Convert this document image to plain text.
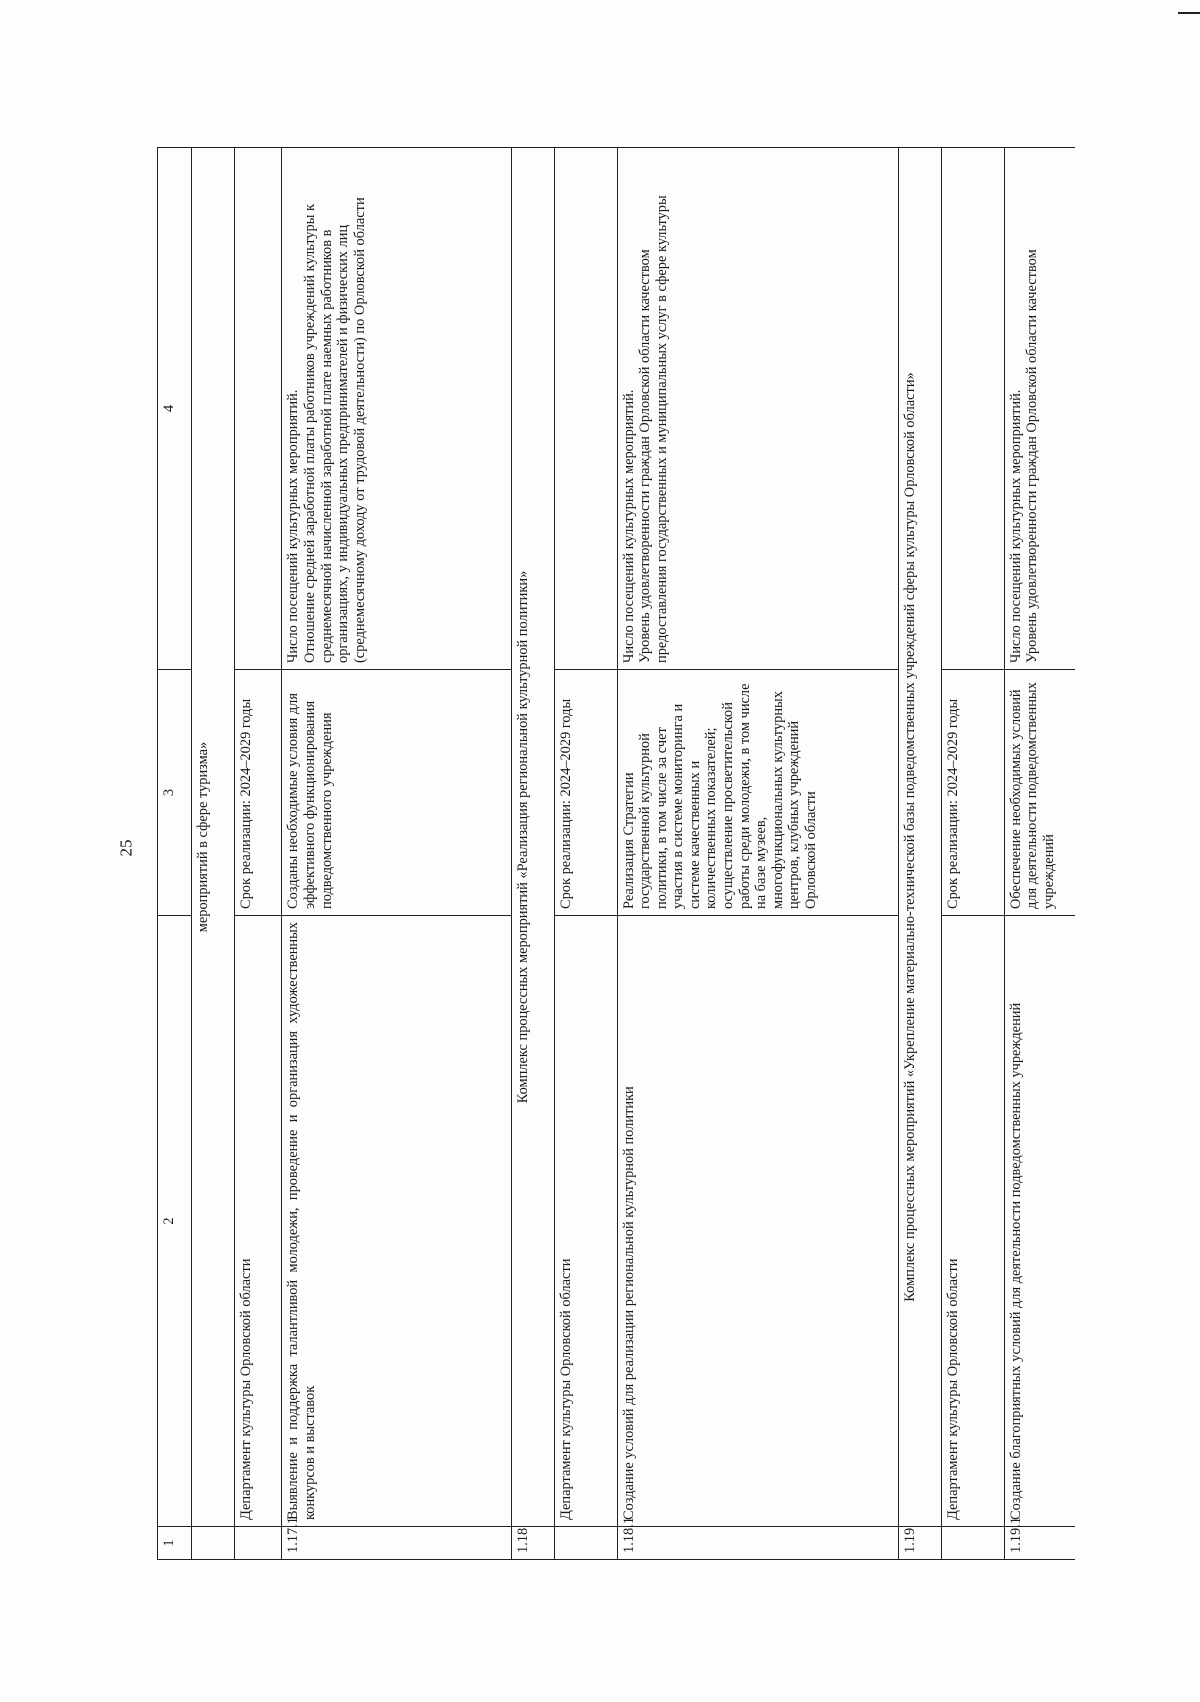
25
1	2	3	4
	мероприятий в сфере туризма»		
	Департамент культуры Орловской области	Срок реализации: 2024–2029 годы	
1.17.1	Выявление и поддержка талантливой молодежи, проведение и организация художественных конкурсов и выставок	Созданы необходимые условия для эффективного функционирования подведомственного учреждения	Число посещений культурных мероприятий. Отношение средней заработной платы работников учреждений культуры к среднемесячной начисленной заработной плате наемных работников в организациях, у индивидуальных предпринимателей и физических лиц (среднемесячному доходу от трудовой деятельности) по Орловской области

1.18	Комплекс процессных мероприятий «Реализация региональной культурной политики»		
	Департамент культуры Орловской области	Срок реализации: 2024–2029 годы	
1.18.1	Создание условий для реализации региональной культурной политики	Реализация Стратегии государственной культурной политики, в том числе за счет участия в системе мониторинга и системе качественных и количественных показателей; осуществление просветительской работы среди молодежи, в том числе на базе музеев, многофункциональных культурных центров, клубных учреждений Орловской области	Число посещений культурных мероприятий. Уровень удовлетворенности граждан Орловской области качеством предоставления государственных и муниципальных услуг в сфере культуры

1.19	Комплекс процессных мероприятий «Укрепление материально-технической базы подведомственных учреждений сферы культуры Орловской области»		
	Департамент культуры Орловской области	Срок реализации: 2024–2029 годы	
1.19.1	Создание благоприятных условий для деятельности подведомственных учреждений	Обеспечение необходимых условий для деятельности подведомственных учреждений	Число посещений культурных мероприятий. Уровень удовлетворенности граждан Орловской области качеством
